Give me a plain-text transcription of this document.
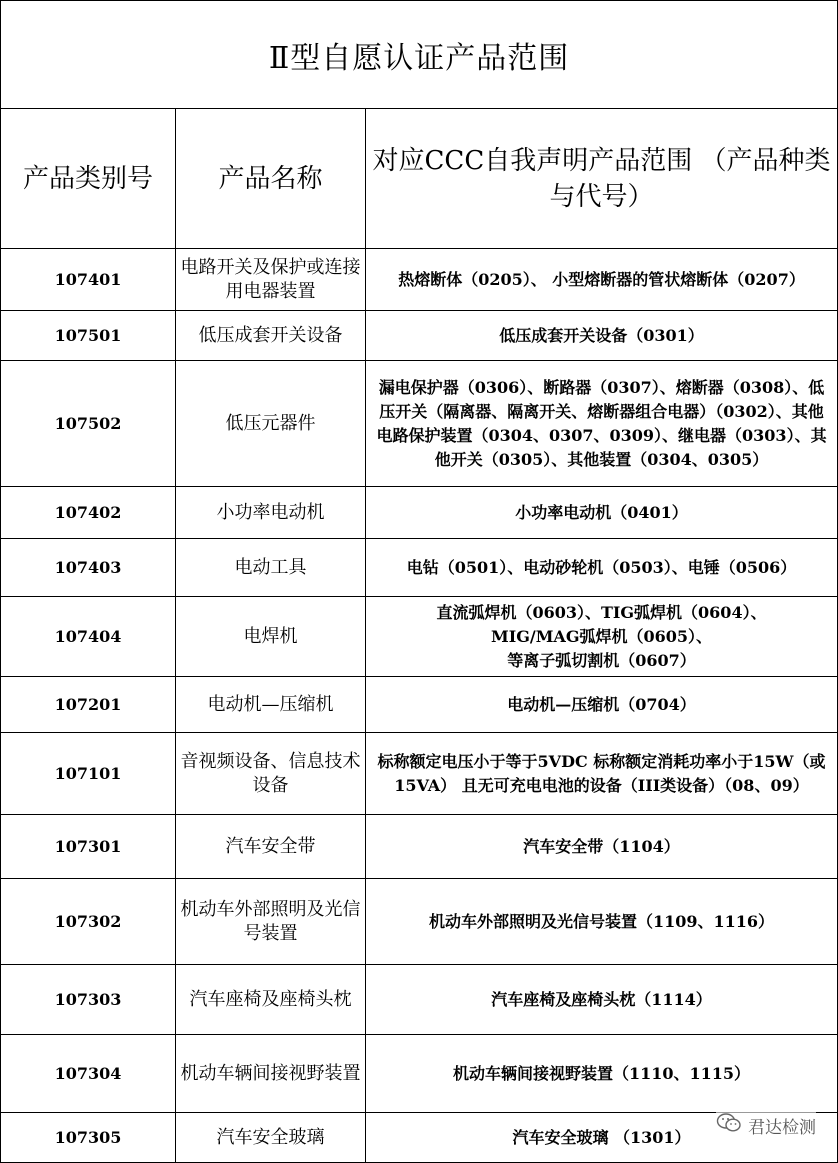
Ⅱ型自愿认证产品范围		
产品类别号	产品名称	对应CCC自我声明产品范围 （产品种类与代号）
107401	电路开关及保护或连接用电器装置	热熔断体（0205）、 小型熔断器的管状熔断体（0207）

107501	低压成套开关设备	低压成套开关设备（0301）

107502	低压元器件	漏电保护器（0306）、断路器（0307）、熔断器（0308）、低压开关（隔离器、隔离开关、熔断器组合电器）（0302）、其他电路保护装置（0304、0307、0309）、继电器（0303）、其他开关（0305）、其他装置（0304、0305）

107402	小功率电动机	小功率电动机（0401）

107403	电动工具	电钻（0501）、电动砂轮机（0503）、电锤（0506）

107404	电焊机	直流弧焊机（0603）、TIG弧焊机（0604）、
MIG/MAG弧焊机（0605）、
等离子弧切割机（0607）

107201	电动机—压缩机	电动机—压缩机（0704）

107101	音视频设备、信息技术设备	标称额定电压小于等于5VDC 标称额定消耗功率小于15W（或15VA） 且无可充电电池的设备（III类设备）（08、09）

107301	汽车安全带	汽车安全带（1104）

107302	机动车外部照明及光信号装置	机动车外部照明及光信号装置（1109、1116）

107303	汽车座椅及座椅头枕	汽车座椅及座椅头枕（1114）

107304	机动车辆间接视野装置	机动车辆间接视野装置（1110、1115）

107305	汽车安全玻璃	汽车安全玻璃 （1301）	君达检测
